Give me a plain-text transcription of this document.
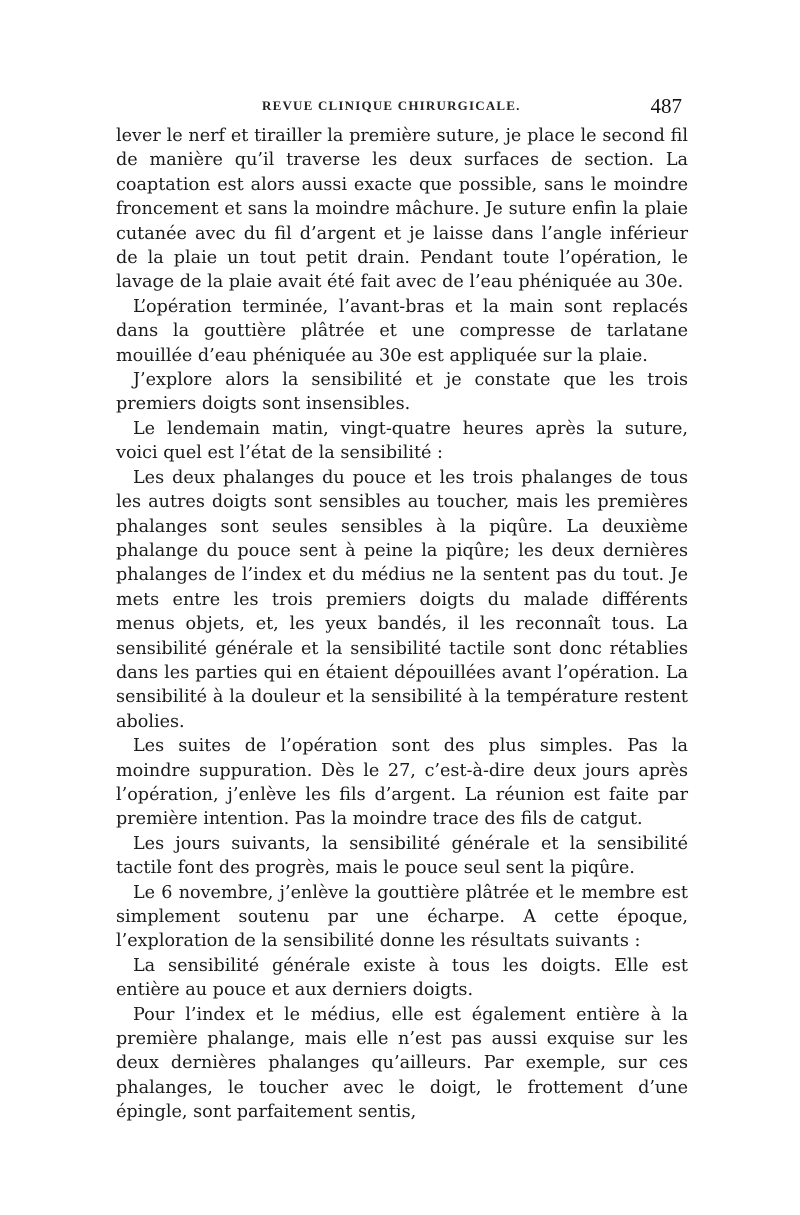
REVUE CLINIQUE CHIRURGICALE.	487

lever le nerf et tirailler la première suture, je place le second fil de manière qu’il traverse les deux surfaces de section. La coaptation est alors aussi exacte que possible, sans le moindre froncement et sans la moindre mâchure. Je suture enfin la plaie cutanée avec du fil d’argent et je laisse dans l’angle inférieur de la plaie un tout petit drain. Pendant toute l’opération, le lavage de la plaie avait été fait avec de l’eau phéniquée au 30e.

L’opération terminée, l’avant-bras et la main sont replacés dans la gouttière plâtrée et une compresse de tarlatane mouillée d’eau phéniquée au 30e est appliquée sur la plaie.

J’explore alors la sensibilité et je constate que les trois premiers doigts sont insensibles.

Le lendemain matin, vingt-quatre heures après la suture, voici quel est l’état de la sensibilité :

Les deux phalanges du pouce et les trois phalanges de tous les autres doigts sont sensibles au toucher, mais les premières phalanges sont seules sensibles à la piqûre. La deuxième phalange du pouce sent à peine la piqûre; les deux dernières phalanges de l’index et du médius ne la sentent pas du tout. Je mets entre les trois premiers doigts du malade différents menus objets, et, les yeux bandés, il les reconnaît tous. La sensibilité générale et la sensibilité tactile sont donc rétablies dans les parties qui en étaient dépouillées avant l’opération. La sensibilité à la douleur et la sensibilité à la température restent abolies.

Les suites de l’opération sont des plus simples. Pas la moindre suppuration. Dès le 27, c’est-à-dire deux jours après l’opération, j’enlève les fils d’argent. La réunion est faite par première intention. Pas la moindre trace des fils de catgut.

Les jours suivants, la sensibilité générale et la sensibilité tactile font des progrès, mais le pouce seul sent la piqûre.

Le 6 novembre, j’enlève la gouttière plâtrée et le membre est simplement soutenu par une écharpe. A cette époque, l’exploration de la sensibilité donne les résultats suivants :

La sensibilité générale existe à tous les doigts. Elle est entière au pouce et aux derniers doigts.

Pour l’index et le médius, elle est également entière à la première phalange, mais elle n’est pas aussi exquise sur les deux dernières phalanges qu’ailleurs. Par exemple, sur ces phalanges, le toucher avec le doigt, le frottement d’une épingle, sont parfaitement sentis,
